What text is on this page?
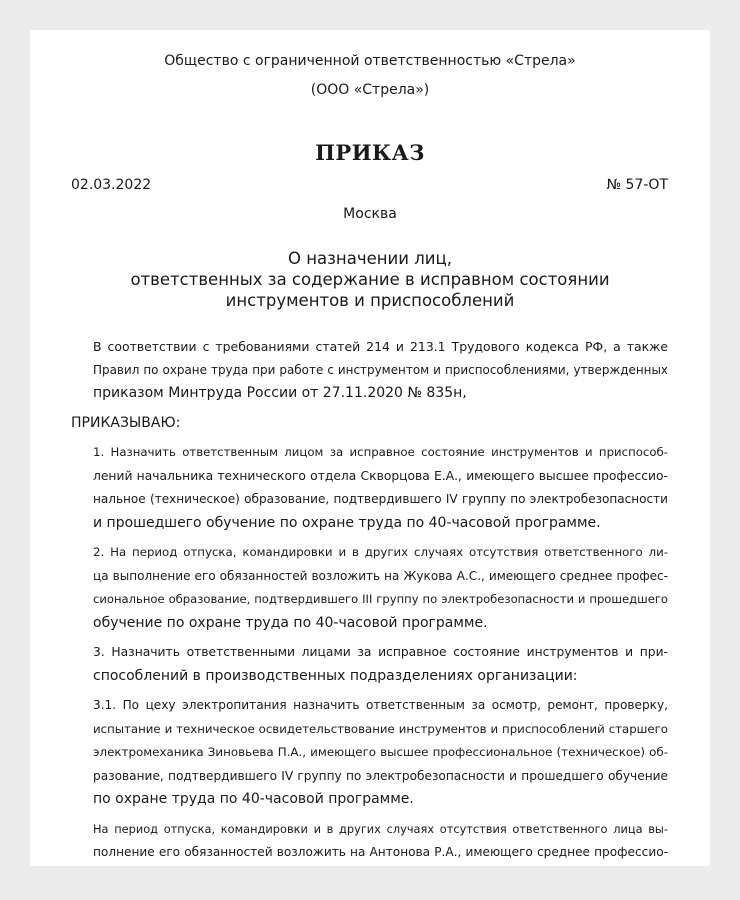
Общество с ограниченной ответственностью «Стрела»
(ООО «Стрела»)
ПРИКАЗ
02.03.2022	№ 57-ОТ
Москва
О назначении лиц,
ответственных за содержание в исправном состоянии
инструментов и приспособлений

В соответствии с требованиями статей 214 и 213.1 Трудового кодекса РФ, а также
Правил по охране труда при работе с инструментом и приспособлениями, утвержденных
приказом Минтруда России от 27.11.2020 № 835н,

ПРИКАЗЫВАЮ:

1. Назначить ответственным лицом за исправное состояние инструментов и приспособ-
лений начальника технического отдела Скворцова Е.А., имеющего высшее профессио-
нальное (техническое) образование, подтвердившего IV группу по электробезопасности
и прошедшего обучение по охране труда по 40-часовой программе.

2. На период отпуска, командировки и в других случаях отсутствия ответственного ли-
ца выполнение его обязанностей возложить на Жукова А.С., имеющего среднее профес-
сиональное образование, подтвердившего III группу по электробезопасности и прошедшего
обучение по охране труда по 40-часовой программе.

3. Назначить ответственными лицами за исправное состояние инструментов и при-
способлений в производственных подразделениях организации:

3.1. По цеху электропитания назначить ответственным за осмотр, ремонт, проверку,
испытание и техническое освидетельствование инструментов и приспособлений старшего
электромеханика Зиновьева П.А., имеющего высшее профессиональное (техническое) об-
разование, подтвердившего IV группу по электробезопасности и прошедшего обучение
по охране труда по 40-часовой программе.

На период отпуска, командировки и в других случаях отсутствия ответственного лица вы-
полнение его обязанностей возложить на Антонова Р.А., имеющего среднее профессио-
